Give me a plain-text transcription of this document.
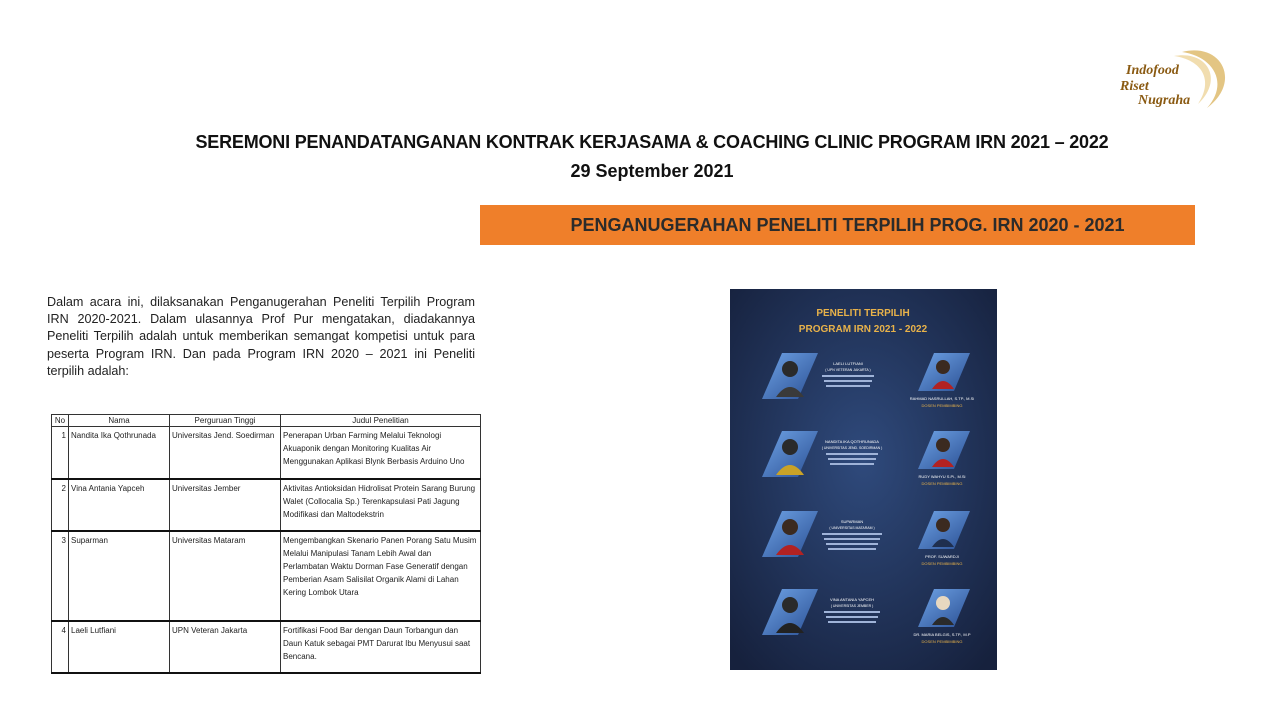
Indofood
Riset
Nugraha
SEREMONI PENANDATANGANAN KONTRAK KERJASAMA & COACHING CLINIC PROGRAM IRN 2021 – 2022
29 September 2021
PENGANUGERAHAN PENELITI TERPILIH PROG. IRN 2020 - 2021
Dalam acara ini, dilaksanakan Penganugerahan Peneliti Terpilih Program IRN 2020-2021. Dalam ulasannya Prof Pur mengatakan, diadakannya Peneliti Terpilih adalah untuk memberikan semangat kompetisi untuk para peserta Program IRN. Dan pada Program IRN 2020 – 2021 ini Peneliti terpilih adalah:
No	Nama	Perguruan Tinggi	Judul Penelitian
1	Nandita Ika Qothrunada	Universitas Jend. Soedirman	Penerapan Urban Farming Melalui Teknologi Akuaponik dengan Monitoring Kualitas Air Menggunakan Aplikasi Blynk Berbasis Arduino Uno
2	Vina Antania Yapceh	Universitas Jember	Aktivitas Antioksidan Hidrolisat Protein Sarang Burung Walet (Collocalia Sp.) Terenkapsulasi Pati Jagung Modifikasi dan Maltodekstrin
3	Suparman	Universitas Mataram	Mengembangkan Skenario Panen Porang Satu Musim Melalui Manipulasi Tanam Lebih Awal dan Perlambatan Waktu Dorman Fase Generatif dengan Pemberian Asam Salisilat Organik Alami di Lahan Kering Lombok Utara
4	Laeli Lutfiani	UPN Veteran Jakarta	Fortifikasi Food Bar dengan Daun Torbangun dan Daun Katuk sebagai PMT Darurat Ibu Menyusui saat Bencana.
PENELITI TERPILIH
PROGRAM IRN 2021 - 2022
LAELI LUTFIANI
( UPN VETERAN JAKARTA )
RAHMAD NASRULLAH, S.TP., M.Si
DOSEN PEMBIMBING
NANDITA IKA QOTHRUNADA
( UNIVERSITAS JEND. SOEDIRMAN )
RUDY WAHYU S.Pi., M.Si
DOSEN PEMBIMBING
SUPARMAN
( UNIVERSITAS MATARAM )
PROF. SUWARDJI
DOSEN PEMBIMBING
VINA ANTANIA YAPCEH
( UNIVERSITAS JEMBER )
DR. MARIA BELGIS, S.TP., M.P
DOSEN PEMBIMBING
